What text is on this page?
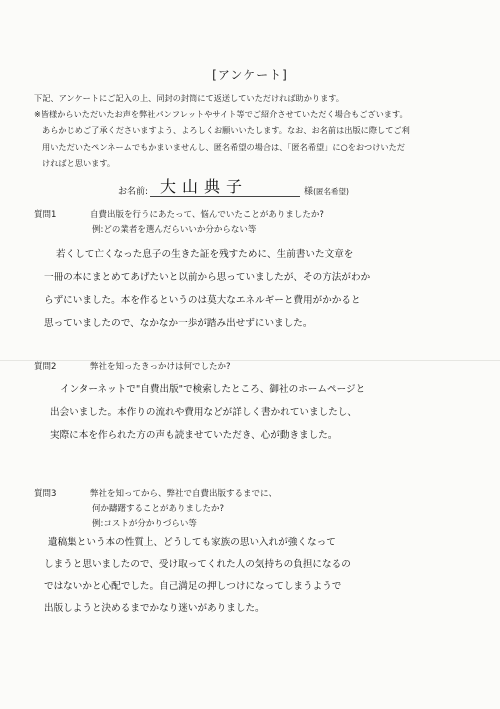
[アンケート]
下記、アンケートにご記入の上、同封の封筒にて返送していただければ助かります。
※皆様からいただいたお声を弊社パンフレットやサイト等でご紹介させていただく場合もございます。
あらかじめご了承くださいますよう、よろしくお願いいたします。なお、お名前は出版に際してご利
用いただいたペンネームでもかまいませんし、匿名希望の場合は、「匿名希望」に○をおつけいただ
ければと思います。
お名前: 大山典子	様(匿名希望)
質問1	自費出版を行うにあたって、悩んでいたことがありましたか?
例:どの業者を選んだらいいか分からない等
若くして亡くなった息子の生きた証を残すために、生前書いた文章を
一冊の本にまとめてあげたいと以前から思っていましたが、その方法がわか
らずにいました。本を作るというのは莫大なエネルギーと費用がかかると
思っていましたので、なかなか一歩が踏み出せずにいました。
質問2	弊社を知ったきっかけは何でしたか?
インターネットで"自費出版"で検索したところ、御社のホームページと
出会いました。本作りの流れや費用などが詳しく書かれていましたし、
実際に本を作られた方の声も読ませていただき、心が動きました。
質問3	弊社を知ってから、弊社で自費出版するまでに、
何か躊躇することがありましたか?
例:コストが分かりづらい等
遺稿集という本の性質上、どうしても家族の思い入れが強くなって
しまうと思いましたので、受け取ってくれた人の気持ちの負担になるの
ではないかと心配でした。自己満足の押しつけになってしまうようで
出版しようと決めるまでかなり迷いがありました。
